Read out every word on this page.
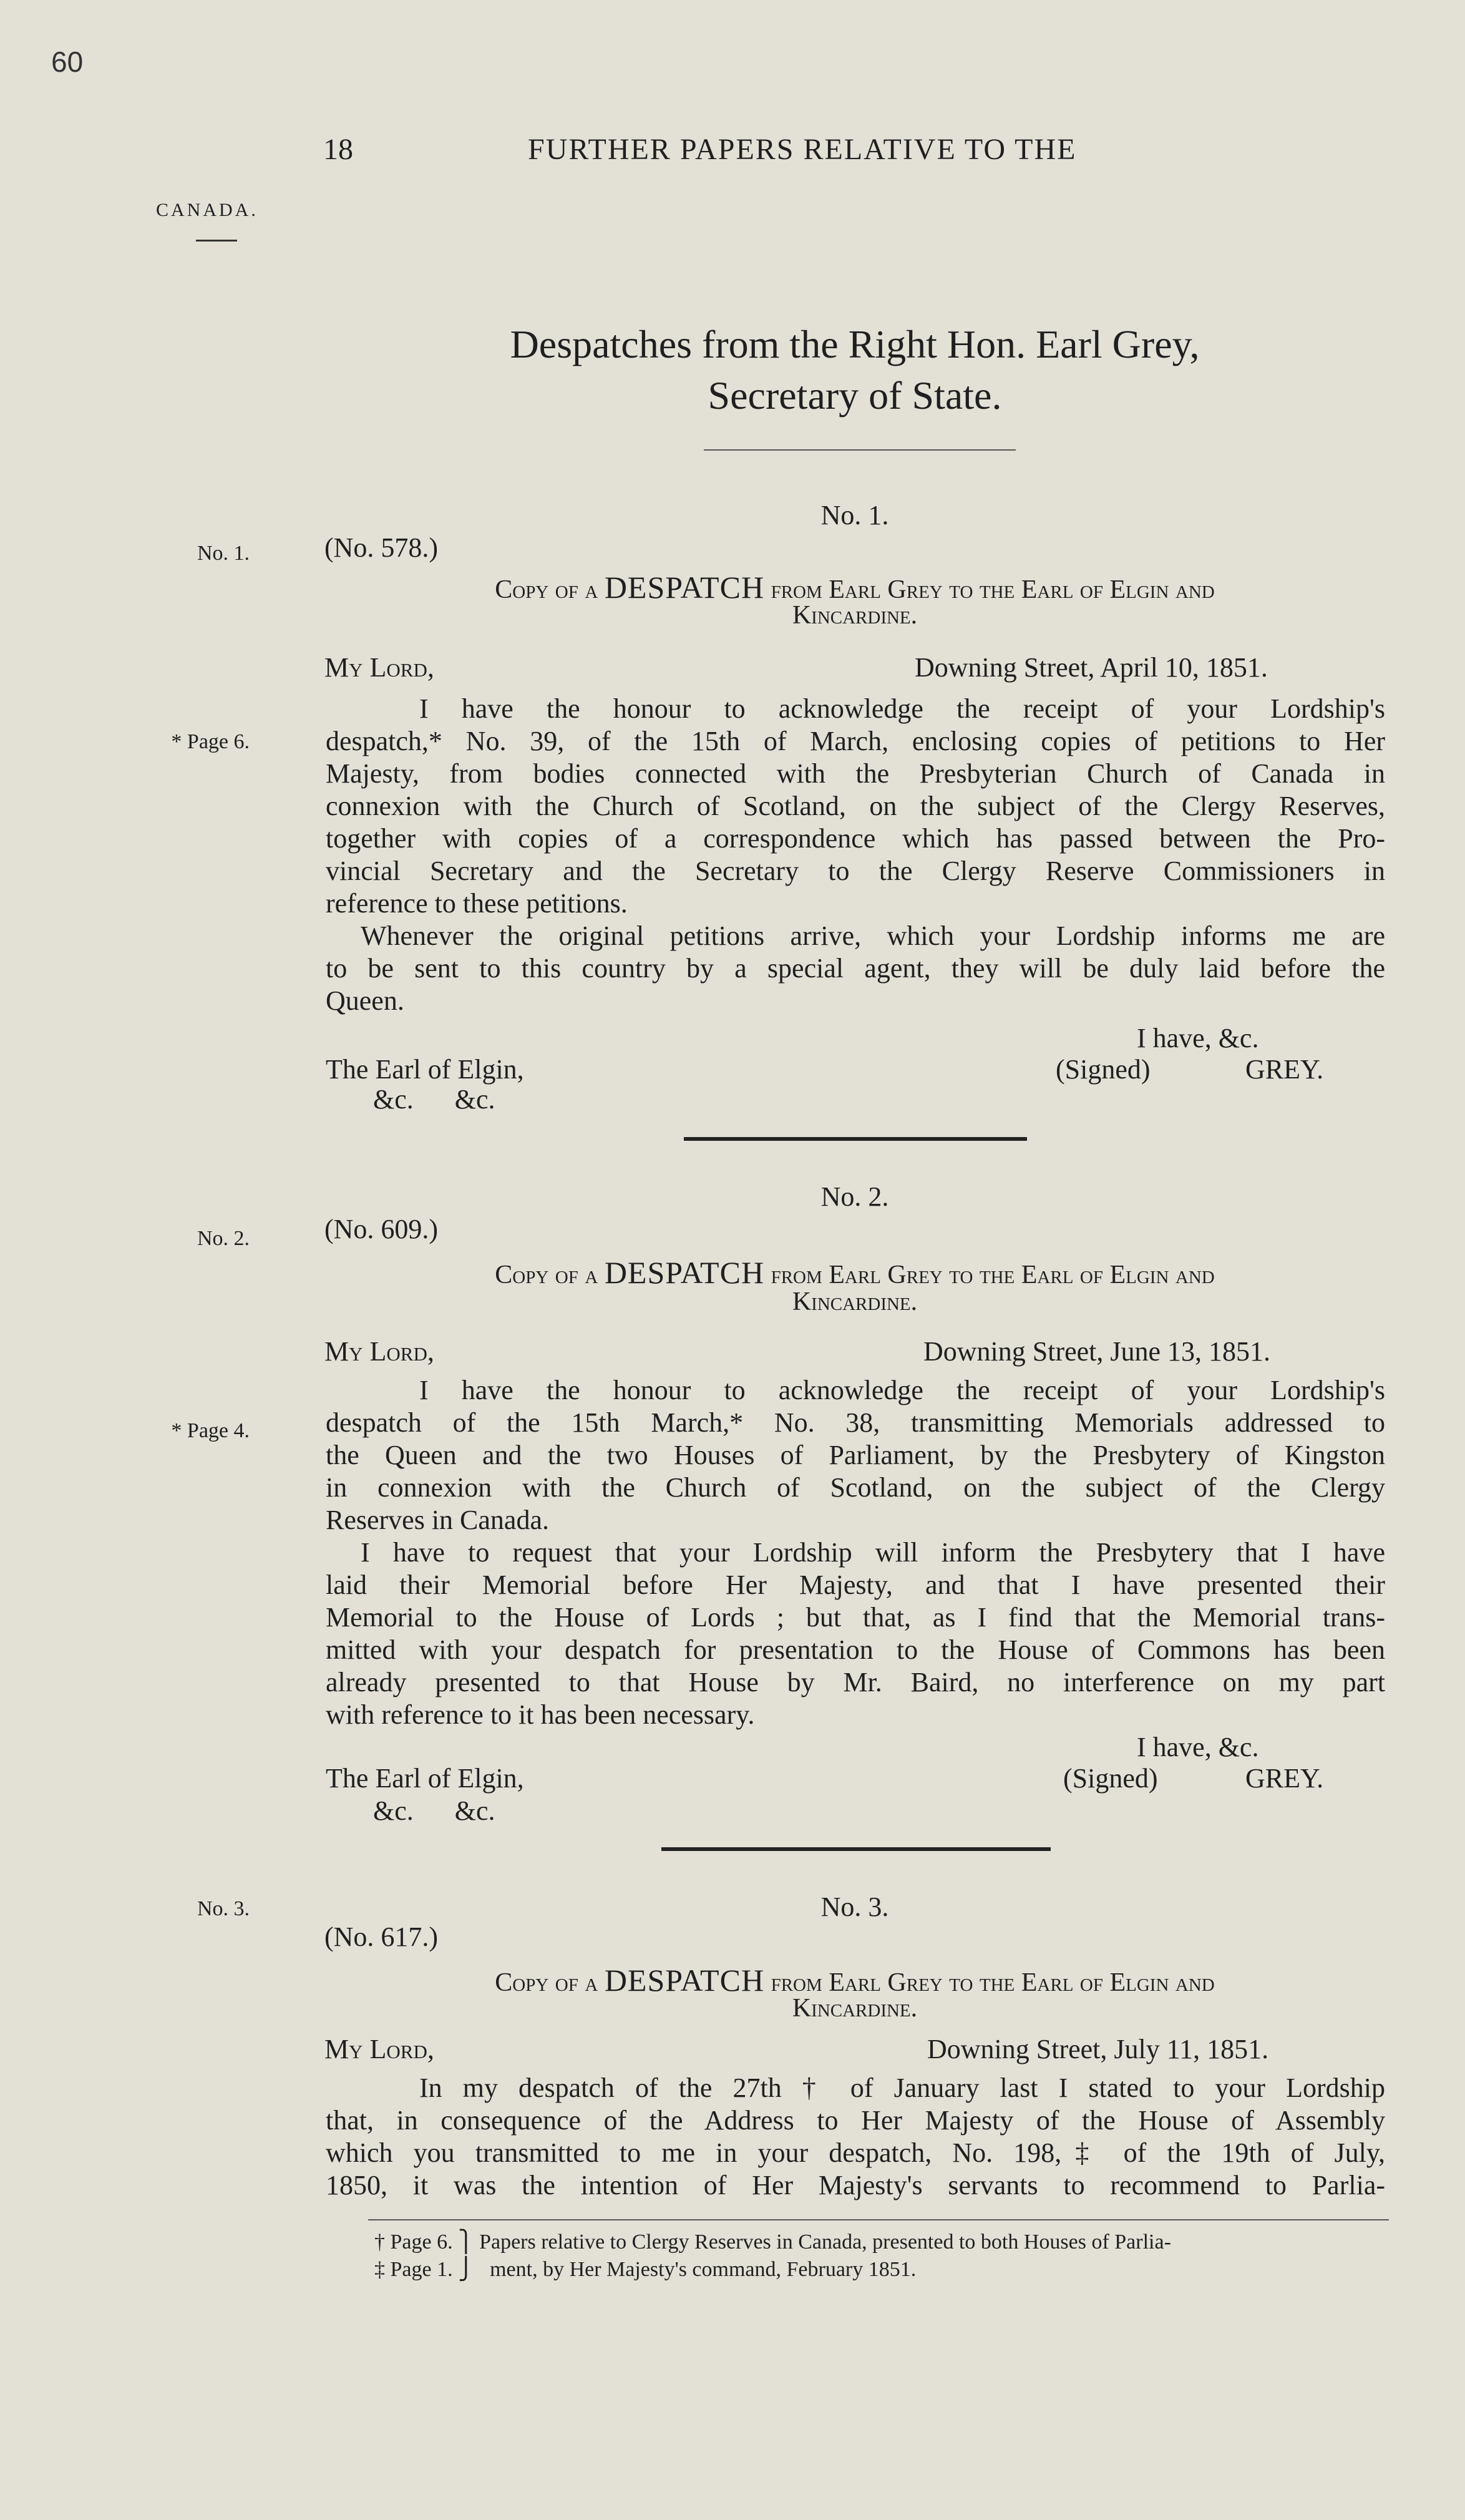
60
18	FURTHER PAPERS RELATIVE TO THE
CANADA.
Despatches from the Right Hon. Earl Grey,
Secretary of State.
No. 1.
No. 1.	(No. 578.)
Copy of a DESPATCH from Earl Grey to the Earl of Elgin and
Kincardine.
My Lord,	Downing Street, April 10, 1851.
* Page 6.
I have the honour to acknowledge the receipt of your Lordship's
despatch,* No. 39, of the 15th of March, enclosing copies of petitions to Her
Majesty, from bodies connected with the Presbyterian Church of Canada in
connexion with the Church of Scotland, on the subject of the Clergy Reserves,
together with copies of a correspondence which has passed between the Pro-
vincial Secretary and the Secretary to the Clergy Reserve Commissioners in
reference to these petitions.
Whenever the original petitions arrive, which your Lordship informs me are
to be sent to this country by a special agent, they will be duly laid before the
Queen.
I have, &c.
The Earl of Elgin,	(Signed)	GREY.
&c.      &c.
No. 2.
No. 2.	(No. 609.)
Copy of a DESPATCH from Earl Grey to the Earl of Elgin and
Kincardine.
My Lord,	Downing Street, June 13, 1851.
* Page 4.
I have the honour to acknowledge the receipt of your Lordship's
despatch of the 15th March,* No. 38, transmitting Memorials addressed to
the Queen and the two Houses of Parliament, by the Presbytery of Kingston
in connexion with the Church of Scotland, on the subject of the Clergy
Reserves in Canada.
I have to request that your Lordship will inform the Presbytery that I have
laid their Memorial before Her Majesty, and that I have presented their
Memorial to the House of Lords ; but that, as I find that the Memorial trans-
mitted with your despatch for presentation to the House of Commons has been
already presented to that House by Mr. Baird, no interference on my part
with reference to it has been necessary.
I have, &c.
The Earl of Elgin,	(Signed)	GREY.
&c.      &c.
No. 3.	No. 3.
(No. 617.)
Copy of a DESPATCH from Earl Grey to the Earl of Elgin and
Kincardine.
My Lord,	Downing Street, July 11, 1851.
In my despatch of the 27th † of January last I stated to your Lordship
that, in consequence of the Address to Her Majesty of the House of Assembly
which you transmitted to me in your despatch, No. 198,‡ of the 19th of July,
1850, it was the intention of Her Majesty's servants to recommend to Parlia-
† Page 6. ⎫ Papers relative to Clergy Reserves in Canada, presented to both Houses of Parlia-
‡ Page 1. ⎭   ment, by Her Majesty's command, February 1851.
